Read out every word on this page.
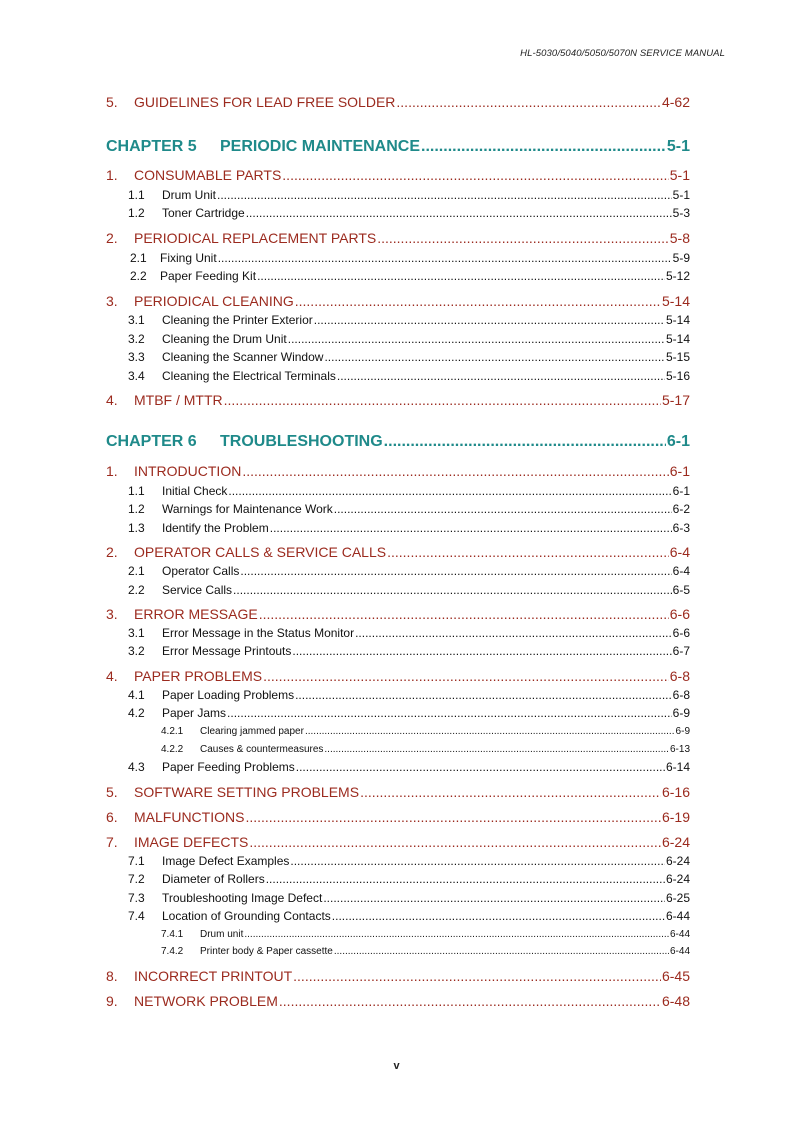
HL-5030/5040/5050/5070N SERVICE MANUAL
5.	GUIDELINES FOR LEAD FREE SOLDER .....	4-62
CHAPTER 5	PERIODIC MAINTENANCE .....	5-1
1.	CONSUMABLE PARTS .....	5-1
1.1	Drum Unit .....	5-1
1.2	Toner Cartridge .....	5-3
2.	PERIODICAL REPLACEMENT PARTS .....	5-8
2.1	Fixing Unit .....	5-9
2.2	Paper Feeding Kit .....	5-12
3.	PERIODICAL CLEANING .....	5-14
3.1	Cleaning the Printer Exterior .....	5-14
3.2	Cleaning the Drum Unit .....	5-14
3.3	Cleaning the Scanner Window .....	5-15
3.4	Cleaning the Electrical Terminals .....	5-16
4.	MTBF / MTTR .....	5-17
CHAPTER 6	TROUBLESHOOTING .....	6-1
1.	INTRODUCTION .....	6-1
1.1	Initial Check .....	6-1
1.2	Warnings for Maintenance Work .....	6-2
1.3	Identify the Problem .....	6-3
2.	OPERATOR CALLS & SERVICE CALLS .....	6-4
2.1	Operator Calls .....	6-4
2.2	Service Calls .....	6-5
3.	ERROR MESSAGE .....	6-6
3.1	Error Message in the Status Monitor .....	6-6
3.2	Error Message Printouts .....	6-7
4.	PAPER PROBLEMS .....	6-8
4.1	Paper Loading Problems .....	6-8
4.2	Paper Jams .....	6-9
4.2.1	Clearing jammed paper .....	6-9
4.2.2	Causes & countermeasures .....	6-13
4.3	Paper Feeding Problems .....	6-14
5.	SOFTWARE SETTING PROBLEMS .....	6-16
6.	MALFUNCTIONS .....	6-19
7.	IMAGE DEFECTS .....	6-24
7.1	Image Defect Examples .....	6-24
7.2	Diameter of Rollers .....	6-24
7.3	Troubleshooting Image Defect .....	6-25
7.4	Location of Grounding Contacts .....	6-44
7.4.1	Drum unit .....	6-44
7.4.2	Printer body & Paper cassette .....	6-44
8.	INCORRECT PRINTOUT .....	6-45
9.	NETWORK PROBLEM .....	6-48
v
